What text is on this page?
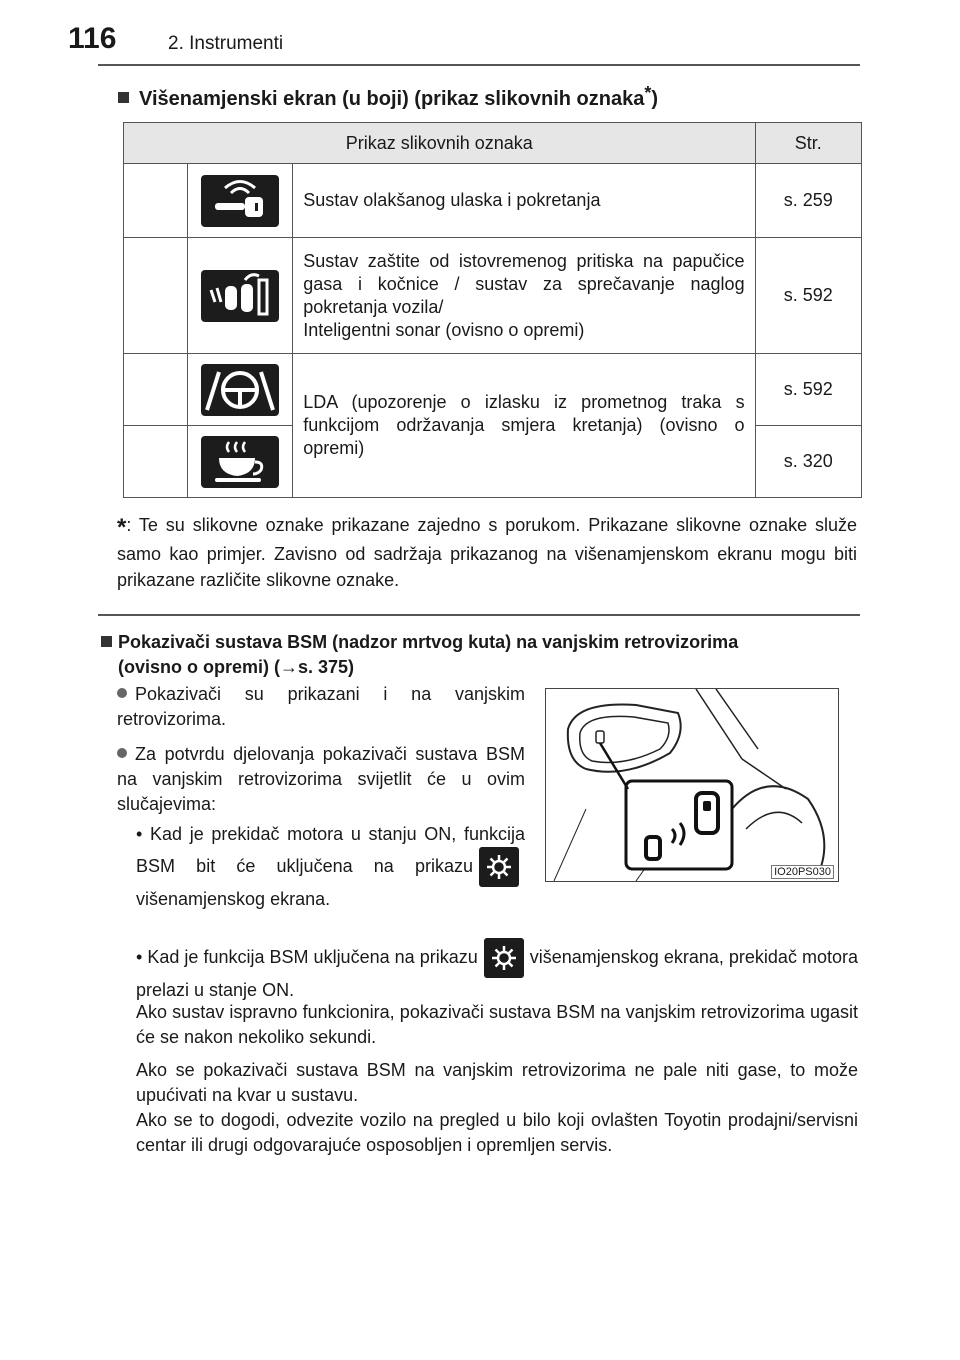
116	2. Instrumenti
Višenamjenski ekran (u boji) (prikaz slikovnih oznaka*)
Prikaz slikovnih oznaka			Str.

	Sustav olakšanog ulaska i pokretanja	s. 259

Sustav zaštite od istovremenog pritiska na papučice gasa i kočnice / sustav za sprečavanje naglog pokretanja vozila/
Inteligentni sonar (ovisno o opremi)	s. 592

	LDA (upozorenje o izlasku iz prometnog traka s funkcijom održavanja smjera kretanja) (ovisno o opremi)	s. 592

	s. 320
*: Te su slikovne oznake prikazane zajedno s porukom. Prikazane slikovne oznake služe samo kao primjer. Zavisno od sadržaja prikazanog na višenamjenskom ekranu mogu biti prikazane različite slikovne oznake.
Pokazivači sustava BSM (nadzor mrtvog kuta) na vanjskim retrovizorima
(ovisno o opremi) (→s. 375)
Pokazivači su prikazani i na vanjskim retrovizorima.
Za potvrdu djelovanja pokazivači sustava BSM na vanjskim retrovizorima svijetlit će u ovim slučajevima:
• Kad je prekidač motora u stanju ON, funkcija BSM bit će uključena na prikazuvišenamjenskog ekrana.
IO20PS030
• Kad je funkcija BSM uključena na prikazu	višenamjenskog ekrana, prekidač motora prelazi u stanje ON.
Ako sustav ispravno funkcionira, pokazivači sustava BSM na vanjskim retrovizorima ugasit će se nakon nekoliko sekundi.
Ako se pokazivači sustava BSM na vanjskim retrovizorima ne pale niti gase, to može upućivati na kvar u sustavu.
Ako se to dogodi, odvezite vozilo na pregled u bilo koji ovlašten Toyotin prodajni/servisni centar ili drugi odgovarajuće osposobljen i opremljen servis.
